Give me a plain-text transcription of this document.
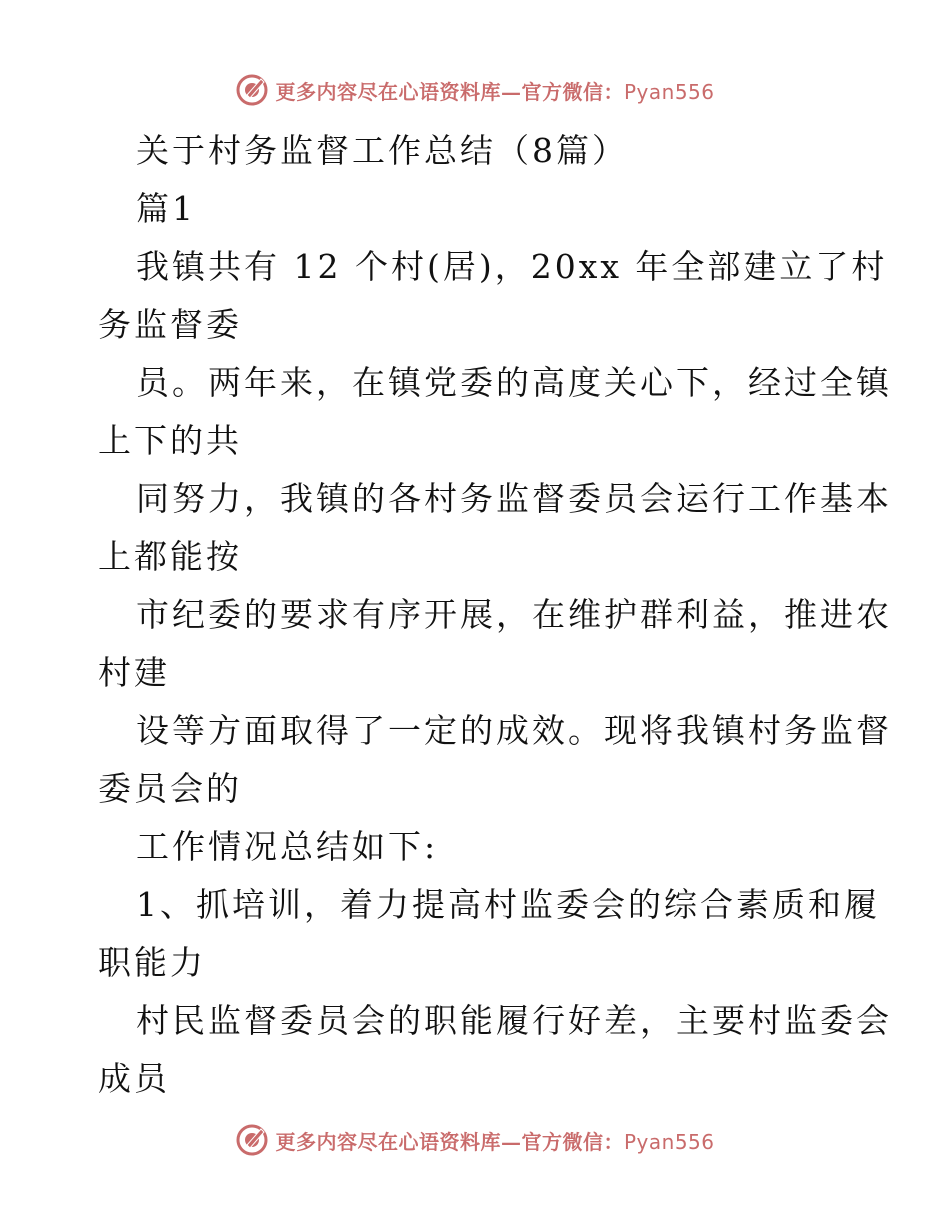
更多内容尽在心语资料库—官方微信：Pyan556
关于村务监督工作总结（8篇）
篇1
我镇共有 12 个村(居)，20xx 年全部建立了村
务监督委
员。两年来，在镇党委的高度关心下，经过全镇
上下的共
同努力，我镇的各村务监督委员会运行工作基本
上都能按
市纪委的要求有序开展，在维护群利益，推进农
村建
设等方面取得了一定的成效。现将我镇村务监督
委员会的
工作情况总结如下:
1、抓培训，着力提高村监委会的综合素质和履
职能力
村民监督委员会的职能履行好差，主要村监委会
成员
更多内容尽在心语资料库—官方微信：Pyan556
